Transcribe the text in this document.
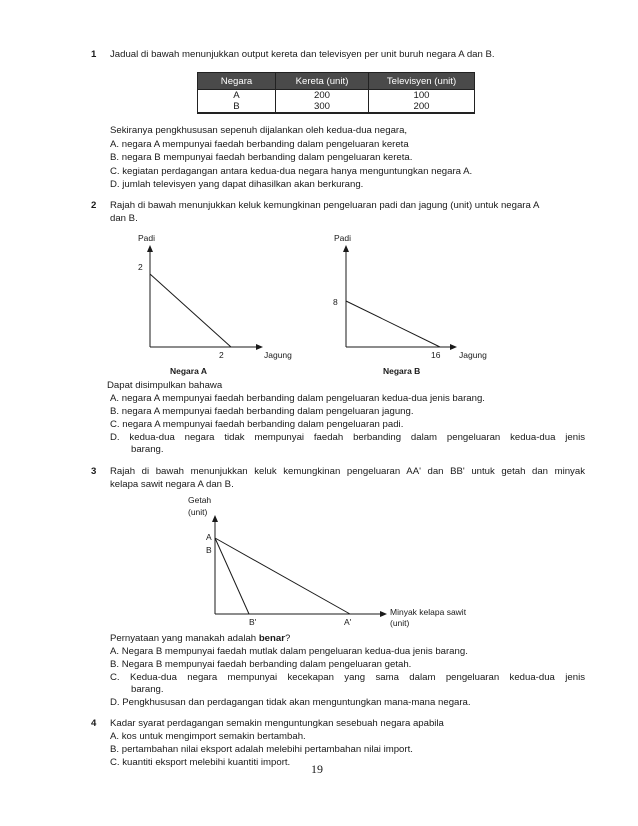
1 Jadual di bawah menunjukkan output kereta dan televisyen per unit buruh negara A dan B.
Negara	Kereta (unit)	Televisyen (unit)
A	200	100
B	300	200
Sekiranya pengkhususan sepenuh dijalankan oleh kedua-dua negara,
A. negara A mempunyai faedah berbanding dalam pengeluaran kereta
B. negara B mempunyai faedah berbanding dalam pengeluaran kereta.
C. kegiatan perdagangan antara kedua-dua negara hanya menguntungkan negara A.
D. jumlah televisyen yang dapat dihasilkan akan berkurang.
2 Rajah di bawah menunjukkan keluk kemungkinan pengeluaran padi dan jagung (unit) untuk negara A
dan B.
Padi
2
2	Jagung
Negara A
Padi
8
16 Jagung
Negara B
Dapat disimpulkan bahawa
A. negara A mempunyai faedah berbanding dalam pengeluaran kedua-dua jenis barang.
B. negara A mempunyai faedah berbanding dalam pengeluaran jagung.
C. negara A mempunyai faedah berbanding dalam pengeluaran padi.
D. kedua-dua negara tidak mempunyai faedah berbanding dalam pengeluaran kedua-dua jenis
barang.
3 Rajah di bawah menunjukkan keluk kemungkinan pengeluaran AA' dan BB' untuk getah dan minyak
kelapa sawit negara A dan B.
Getah
(unit)
A
B
B'	A'
Minyak kelapa sawit
(unit)
Pernyataan yang manakah adalah benar?
A. Negara B mempunyai faedah mutlak dalam pengeluaran kedua-dua jenis barang.
B. Negara B mempunyai faedah berbanding dalam pengeluaran getah.
C. Kedua-dua negara mempunyai kecekapan yang sama dalam pengeluaran kedua-dua jenis
barang.
D. Pengkhususan dan perdagangan tidak akan menguntungkan mana-mana negara.
4 Kadar syarat perdagangan semakin menguntungkan sesebuah negara apabila
A. kos untuk mengimport semakin bertambah.
B. pertambahan nilai eksport adalah melebihi pertambahan nilai import.
C. kuantiti eksport melebihi kuantiti import. 19
